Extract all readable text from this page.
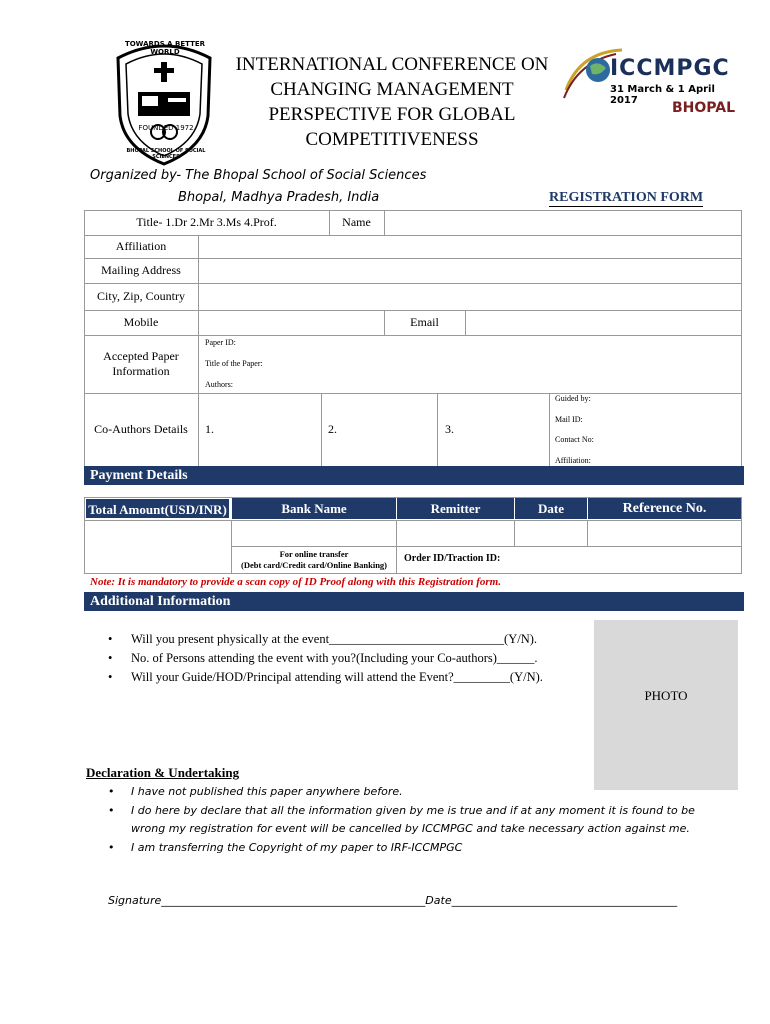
TOWARDS A BETTER WORLD
FOUNDED 1972
BHOPAL SCHOOL OF SOCIAL SCIENCES
INTERNATIONAL CONFERENCE ON
CHANGING MANAGEMENT
PERSPECTIVE FOR GLOBAL
COMPETITIVENESS
ICCMPGC
31 March & 1 April 2017	BHOPAL
Organized by- The Bhopal School of Social Sciences
Bhopal, Madhya Pradesh, India	REGISTRATION FORM
Title- 1.Dr 2.Mr 3.Ms 4.Prof.	Name
Affiliation
Mailing Address
City, Zip, Country
Mobile	Email
Accepted Paper Information
Paper ID:
Title of the Paper:
Authors:
Co-Authors Details	1.	2.	3.
Guided by:
Mail ID:
Contact No:
Affiliation:
Payment Details
Total Amount(USD/INR)	Bank Name	Remitter	Date	Reference No.
For online transfer
(Debt card/Credit card/Online Banking)
Order ID/Traction ID:
Note: It is mandatory to provide a scan copy of ID Proof along with this Registration form.
Additional Information
• Will you present physically at the event____________________________(Y/N).
• No. of Persons attending the event with you?(Including your Co-authors)______.
• Will your Guide/HOD/Principal attending will attend the Event?_________(Y/N).
PHOTO
Declaration & Undertaking
• I have not published this paper anywhere before.
• I do here by declare that all the information given by me is true and if at any moment it is found to be wrong my registration for event will be cancelled by ICCMPGC and take necessary action against me.
• I am transferring the Copyright of my paper to IRF-ICCMPGC
Signature________________________________________________Date_________________________________________
